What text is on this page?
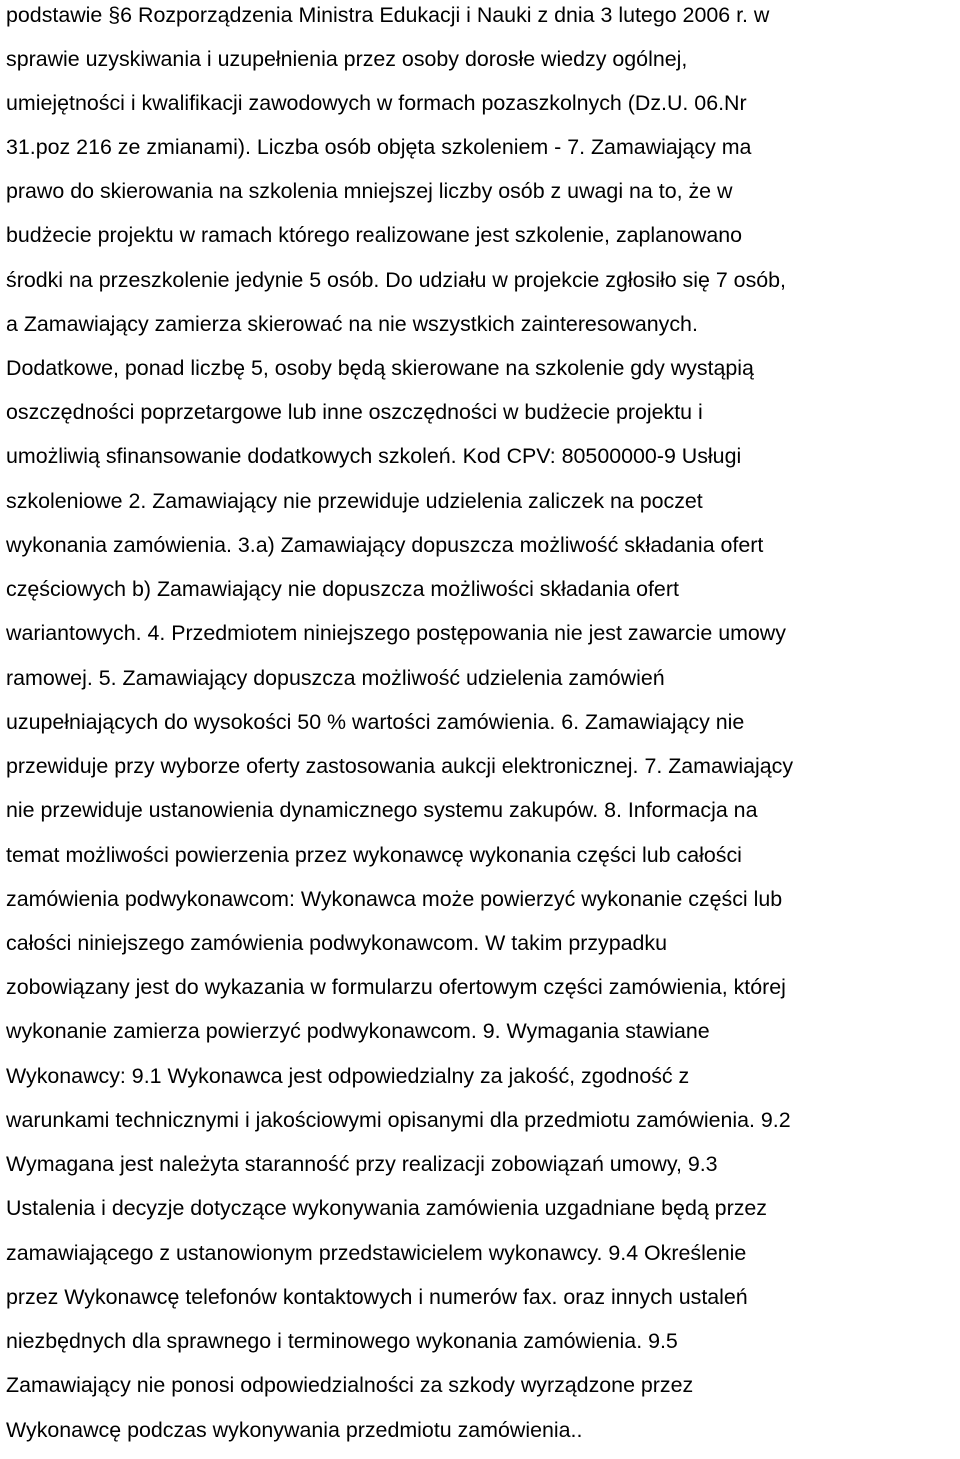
podstawie §6 Rozporządzenia Ministra Edukacji i Nauki z dnia 3 lutego 2006 r. w
sprawie uzyskiwania i uzupełnienia przez osoby dorosłe wiedzy ogólnej,
umiejętności i kwalifikacji zawodowych w formach pozaszkolnych (Dz.U. 06.Nr
31.poz 216 ze zmianami). Liczba osób objęta szkoleniem - 7. Zamawiający ma
prawo do skierowania na szkolenia mniejszej liczby osób z uwagi na to, że w
budżecie projektu w ramach którego realizowane jest szkolenie, zaplanowano
środki na przeszkolenie jedynie 5 osób. Do udziału w projekcie zgłosiło się 7 osób,
a Zamawiający zamierza skierować na nie wszystkich zainteresowanych.
Dodatkowe, ponad liczbę 5, osoby będą skierowane na szkolenie gdy wystąpią
oszczędności poprzetargowe lub inne oszczędności w budżecie projektu i
umożliwią sfinansowanie dodatkowych szkoleń. Kod CPV: 80500000-9 Usługi
szkoleniowe 2. Zamawiający nie przewiduje udzielenia zaliczek na poczet
wykonania zamówienia. 3.a) Zamawiający dopuszcza możliwość składania ofert
częściowych b) Zamawiający nie dopuszcza możliwości składania ofert
wariantowych. 4. Przedmiotem niniejszego postępowania nie jest zawarcie umowy
ramowej. 5. Zamawiający dopuszcza możliwość udzielenia zamówień
uzupełniających do wysokości 50 % wartości zamówienia. 6. Zamawiający nie
przewiduje przy wyborze oferty zastosowania aukcji elektronicznej. 7. Zamawiający
nie przewiduje ustanowienia dynamicznego systemu zakupów. 8. Informacja na
temat możliwości powierzenia przez wykonawcę wykonania części lub całości
zamówienia podwykonawcom: Wykonawca może powierzyć wykonanie części lub
całości niniejszego zamówienia podwykonawcom. W takim przypadku
zobowiązany jest do wykazania w formularzu ofertowym części zamówienia, której
wykonanie zamierza powierzyć podwykonawcom. 9. Wymagania stawiane
Wykonawcy: 9.1 Wykonawca jest odpowiedzialny za jakość, zgodność z
warunkami technicznymi i jakościowymi opisanymi dla przedmiotu zamówienia. 9.2
Wymagana jest należyta staranność przy realizacji zobowiązań umowy, 9.3
Ustalenia i decyzje dotyczące wykonywania zamówienia uzgadniane będą przez
zamawiającego z ustanowionym przedstawicielem wykonawcy. 9.4 Określenie
przez Wykonawcę telefonów kontaktowych i numerów fax. oraz innych ustaleń
niezbędnych dla sprawnego i terminowego wykonania zamówienia. 9.5
Zamawiający nie ponosi odpowiedzialności za szkody wyrządzone przez
Wykonawcę podczas wykonywania przedmiotu zamówienia..
